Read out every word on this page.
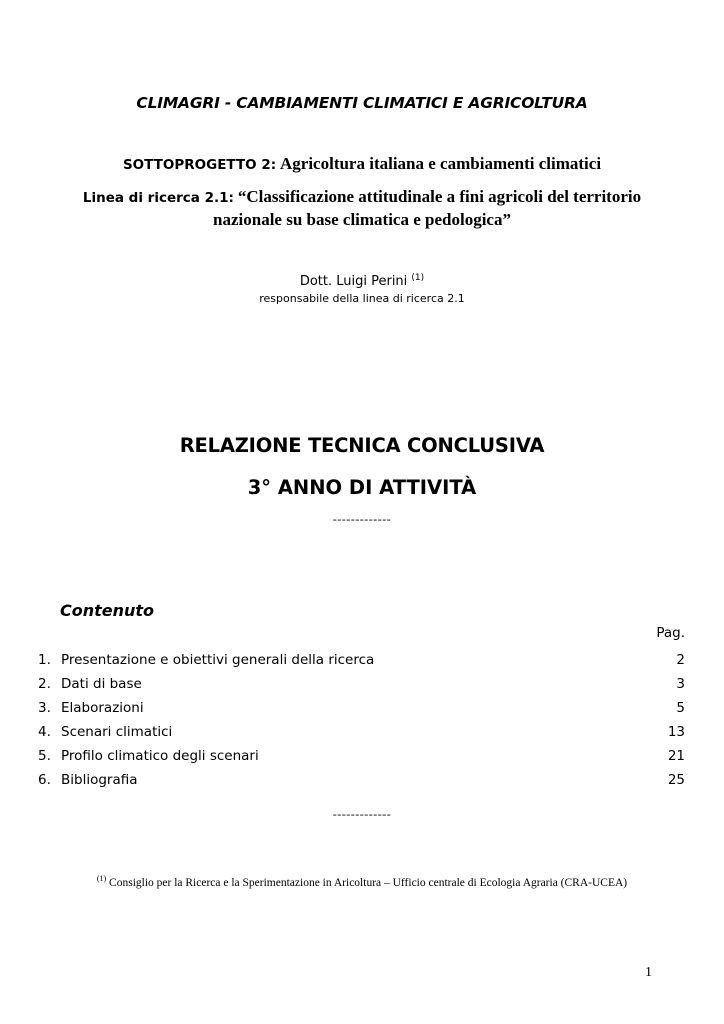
CLIMAGRI - CAMBIAMENTI CLIMATICI E AGRICOLTURA
SOTTOPROGETTO 2: Agricoltura italiana e cambiamenti climatici
Linea di ricerca 2.1: “Classificazione attitudinale a fini agricoli del territorio
nazionale su base climatica e pedologica”
Dott. Luigi Perini $^{(1)}$
responsabile della linea di ricerca 2.1
RELAZIONE TECNICA CONCLUSIVA
3° ANNO DI ATTIVITÀ
-------------
Contenuto
Pag.
1. Presentazione e obiettivi generali della ricerca	2
2. Dati di base	3
3. Elaborazioni	5
4. Scenari climatici	13
5. Profilo climatico degli scenari	21
6. Bibliografia	25
-------------
$^{(1)}$ Consiglio per la Ricerca e la Sperimentazione in Aricoltura – Ufficio centrale di Ecologia Agraria (CRA-UCEA)
1
